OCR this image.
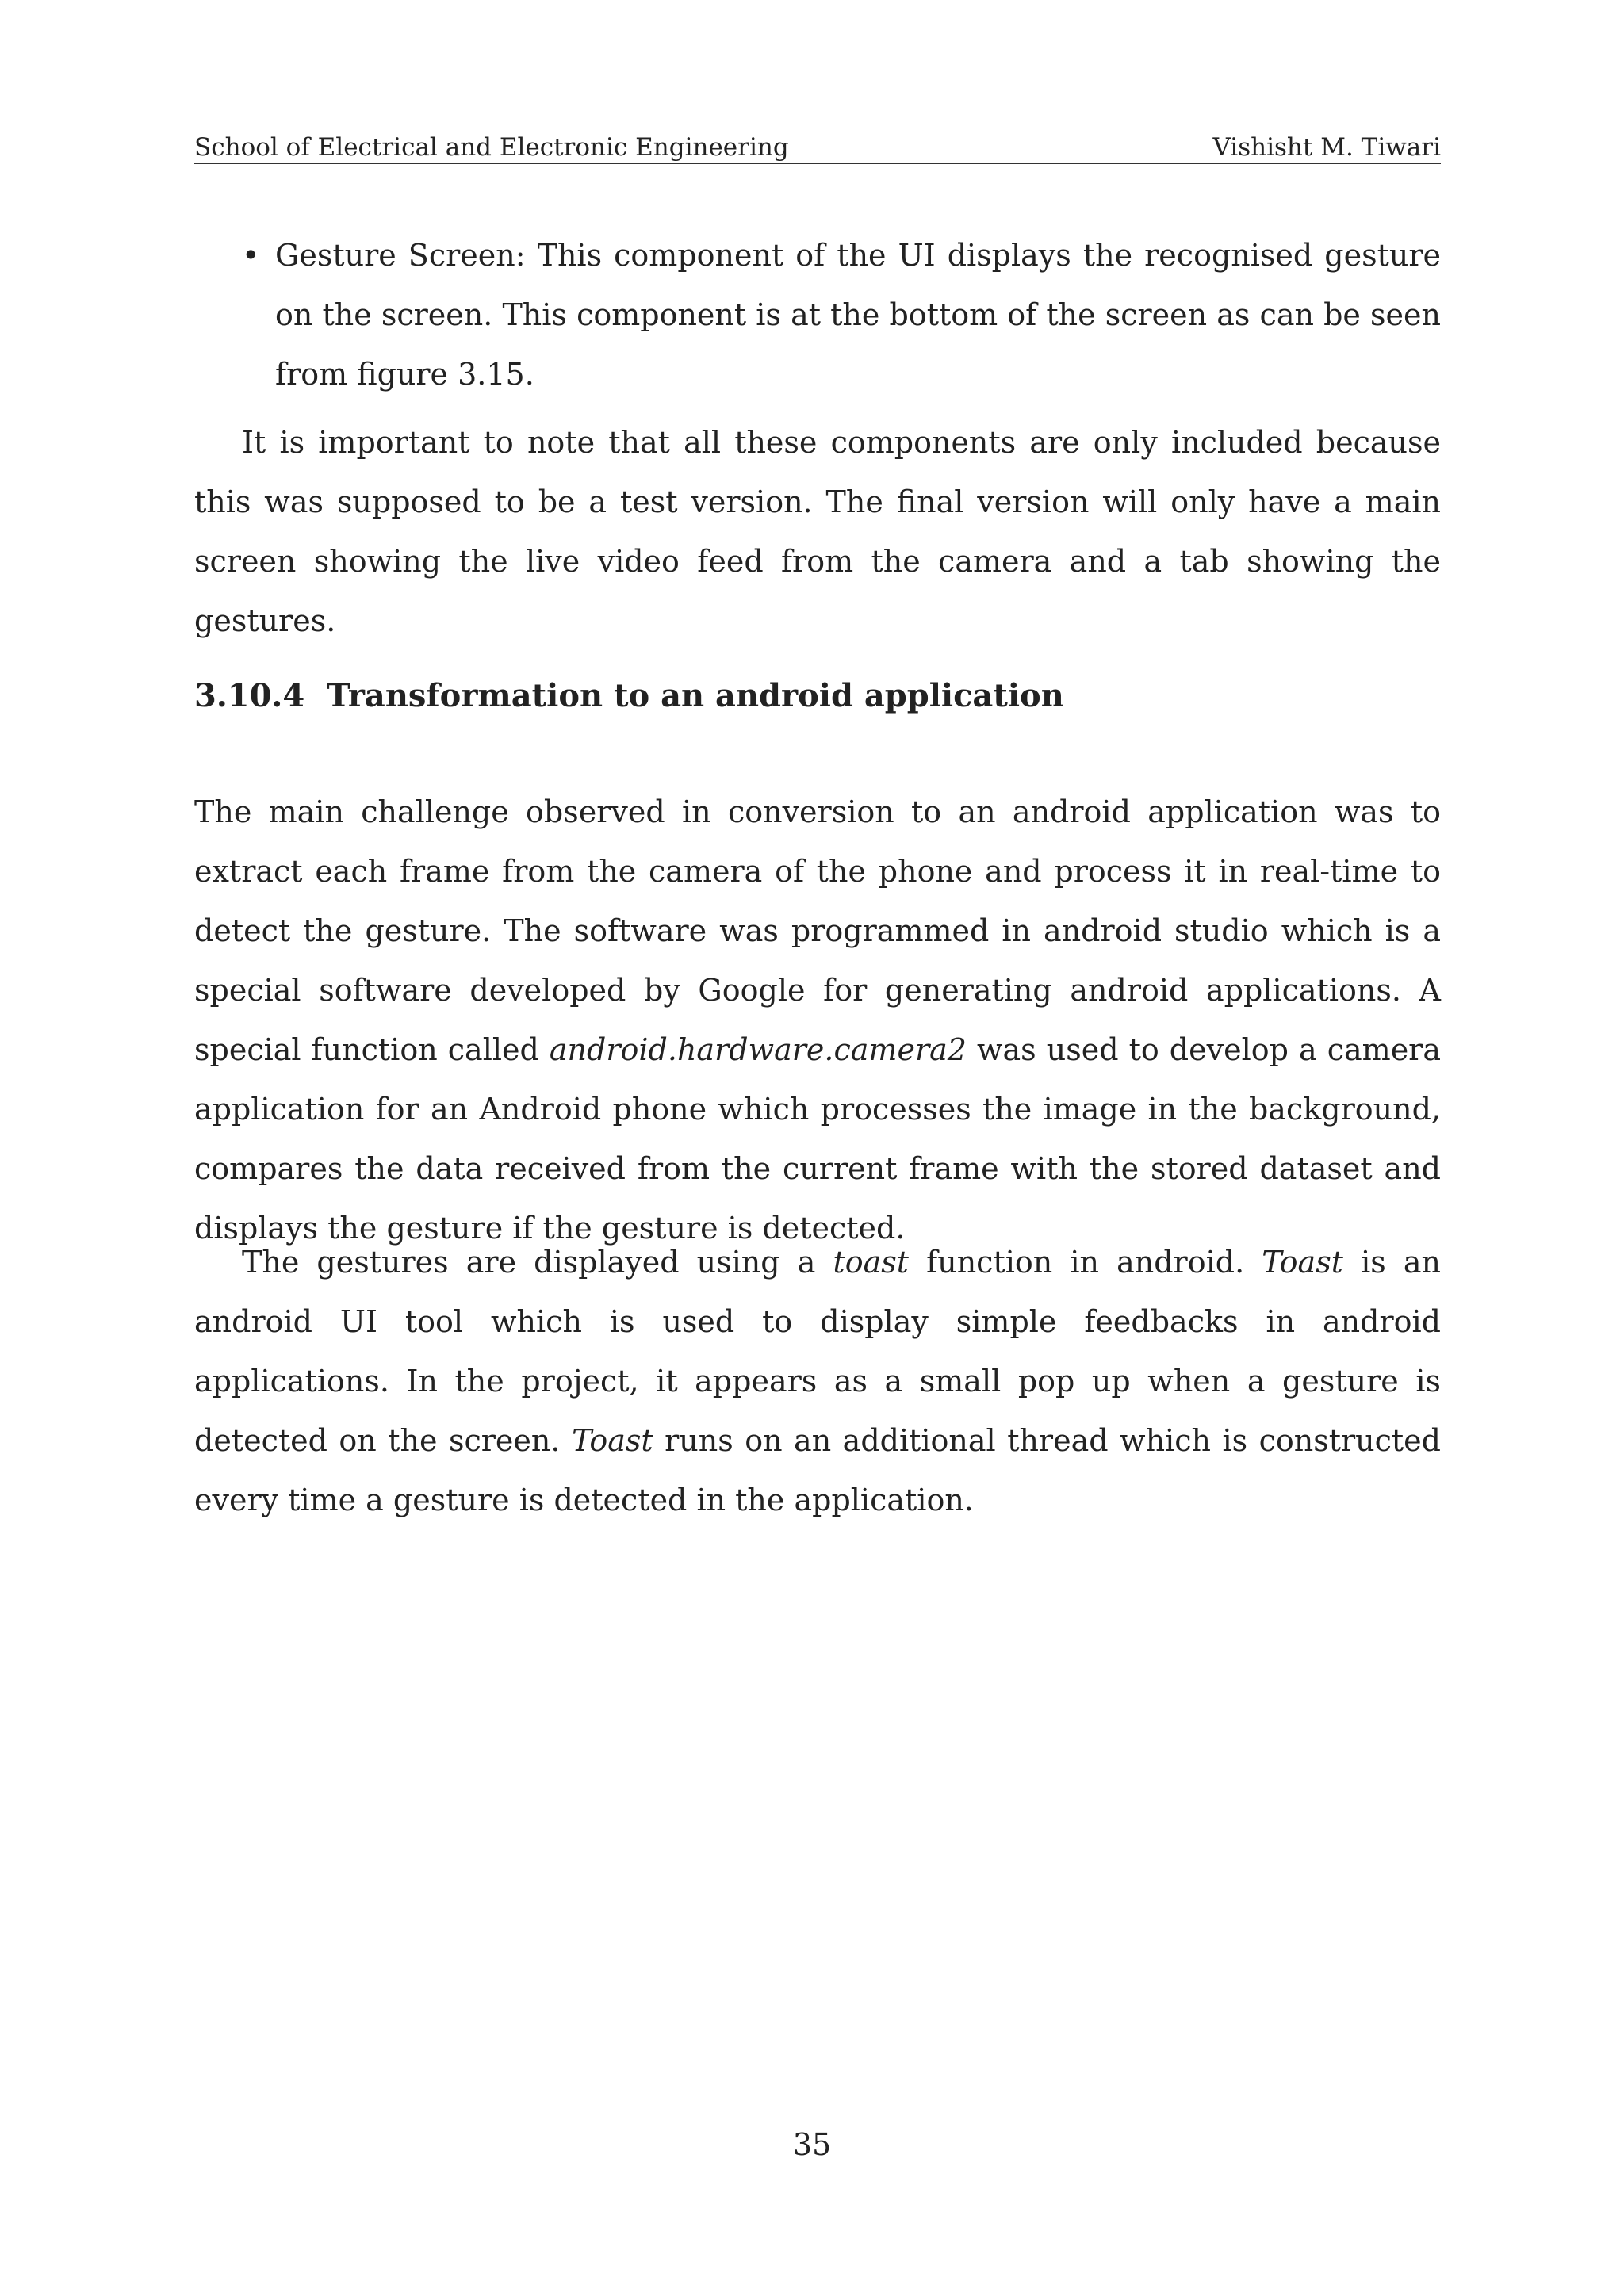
School of Electrical and Electronic Engineering	Vishisht M. Tiwari
• Gesture Screen: This component of the UI displays the recognised gesture on the screen. This component is at the bottom of the screen as can be seen from figure 3.15.

It is important to note that all these components are only included because this was supposed to be a test version. The final version will only have a main screen showing the live video feed from the camera and a tab showing the gestures.

3.10.4 Transformation to an android application

The main challenge observed in conversion to an android application was to extract each frame from the camera of the phone and process it in real-time to detect the gesture. The software was programmed in android studio which is a special software developed by Google for generating android applications. A special function called android.hardware.camera2 was used to develop a camera application for an Android phone which processes the image in the background, compares the data received from the current frame with the stored dataset and displays the gesture if the gesture is detected.

The gestures are displayed using a toast function in android. Toast is an android UI tool which is used to display simple feedbacks in android applications. In the project, it appears as a small pop up when a gesture is detected on the screen. Toast runs on an additional thread which is constructed every time a gesture is detected in the application.

35
